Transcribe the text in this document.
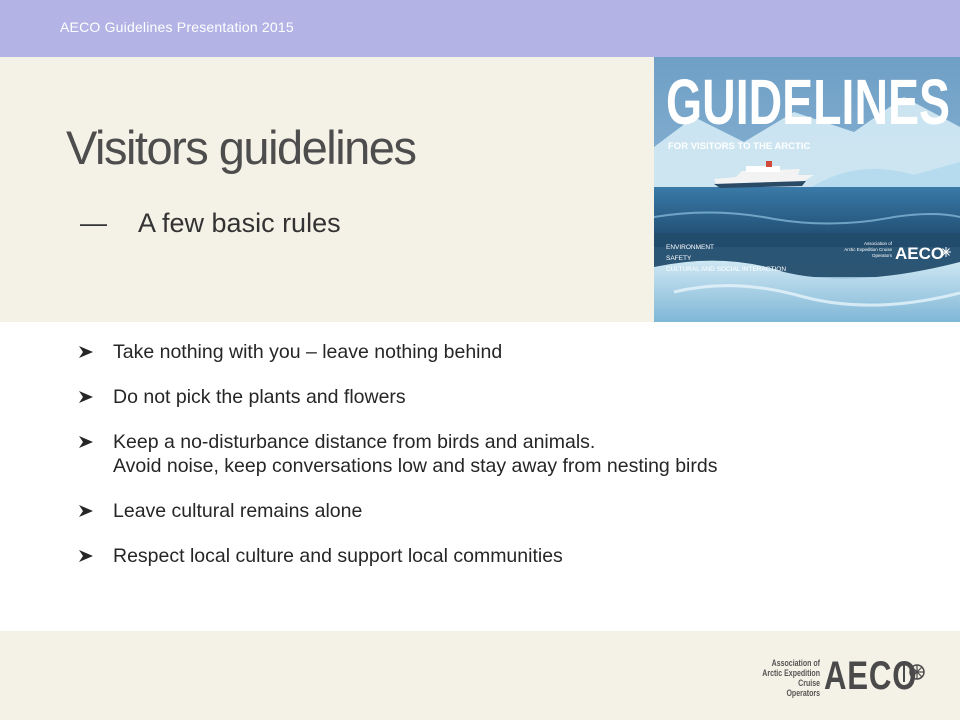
AECO Guidelines Presentation 2015
Visitors guidelines
— A few basic rules
GUIDELINES
FOR VISITORS TO THE ARCTIC
ENVIRONMENT
SAFETY
CULTURAL AND SOCIAL INTERACTION
Association of
Arctic Expedition Cruise
Operators AECO
Take nothing with you – leave nothing behind
Do not pick the plants and flowers
Keep a no-disturbance distance from birds and animals.
Avoid noise, keep conversations low and stay away from nesting birds
Leave cultural remains alone
Respect local culture and support local communities
Association of
Arctic Expedition Cruise
Operators AECO
